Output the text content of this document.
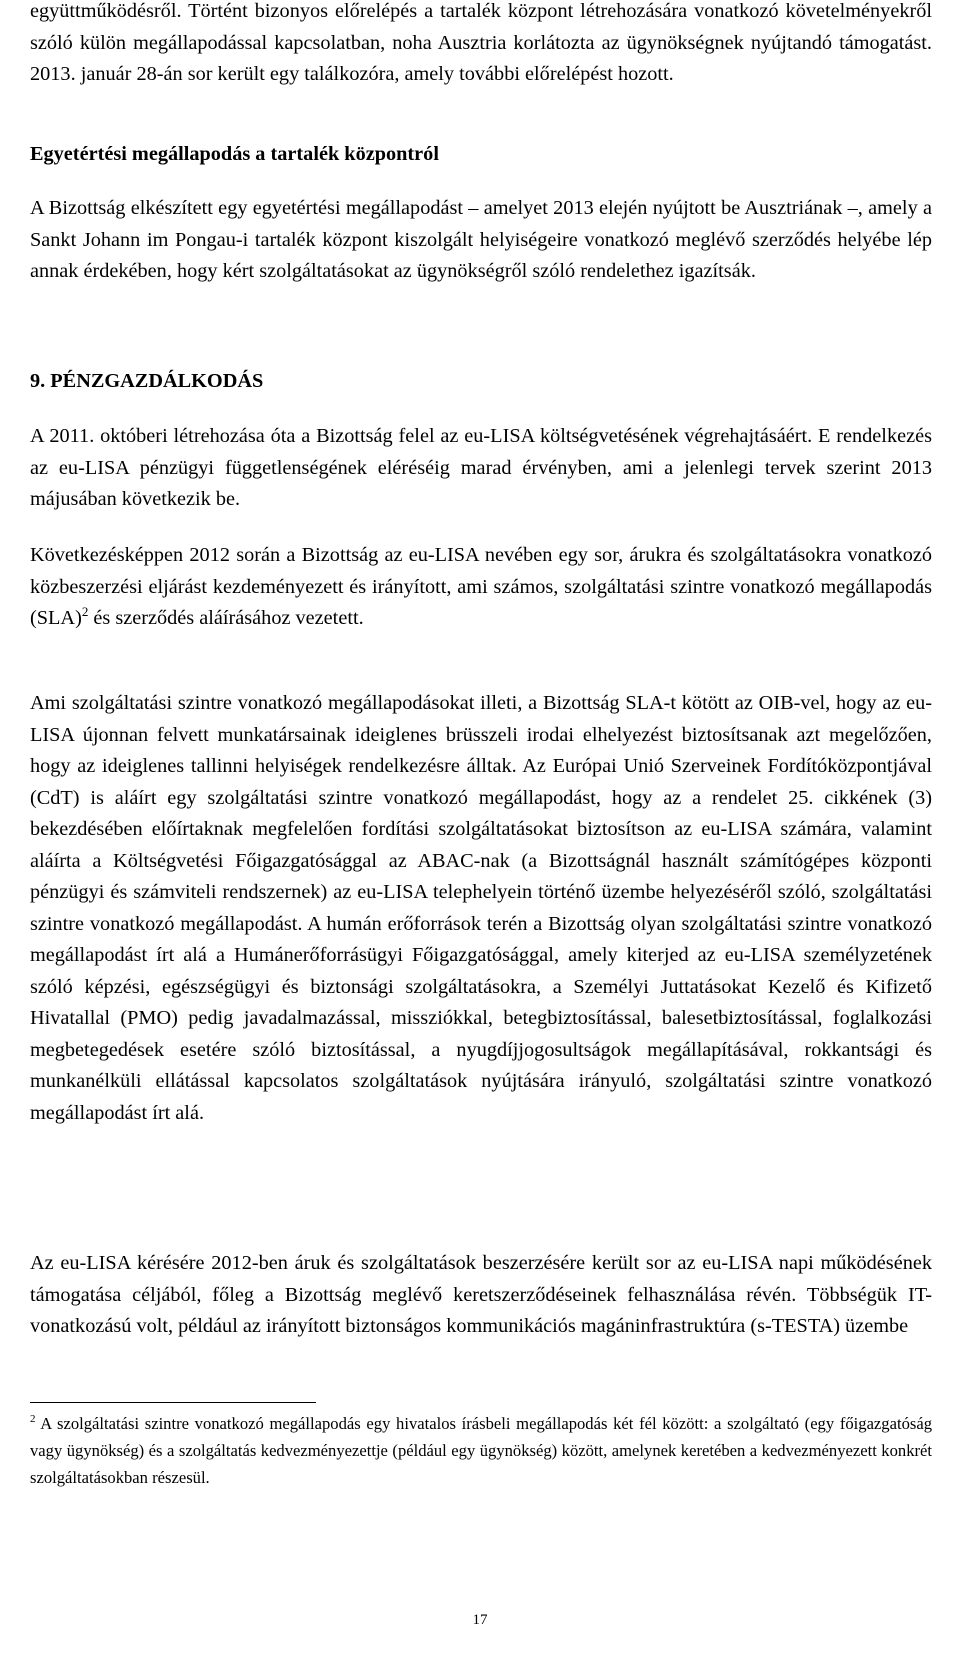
együttműködésről. Történt bizonyos előrelépés a tartalék központ létrehozására vonatkozó követelményekről szóló külön megállapodással kapcsolatban, noha Ausztria korlátozta az ügynökségnek nyújtandó támogatást. 2013. január 28-án sor került egy találkozóra, amely további előrelépést hozott.

Egyetértési megállapodás a tartalék központról

A Bizottság elkészített egy egyetértési megállapodást – amelyet 2013 elején nyújtott be Ausztriának –, amely a Sankt Johann im Pongau-i tartalék központ kiszolgált helyiségeire vonatkozó meglévő szerződés helyébe lép annak érdekében, hogy kért szolgáltatásokat az ügynökségről szóló rendelethez igazítsák.

9. PÉNZGAZDÁLKODÁS

A 2011. októberi létrehozása óta a Bizottság felel az eu-LISA költségvetésének végrehajtásáért. E rendelkezés az eu-LISA pénzügyi függetlenségének eléréséig marad érvényben, ami a jelenlegi tervek szerint 2013 májusában következik be.

Következésképpen 2012 során a Bizottság az eu-LISA nevében egy sor, árukra és szolgáltatásokra vonatkozó közbeszerzési eljárást kezdeményezett és irányított, ami számos, szolgáltatási szintre vonatkozó megállapodás (SLA)$^2$ és szerződés aláírásához vezetett.

Ami szolgáltatási szintre vonatkozó megállapodásokat illeti, a Bizottság SLA-t kötött az OIB-vel, hogy az eu-LISA újonnan felvett munkatársainak ideiglenes brüsszeli irodai elhelyezést biztosítsanak azt megelőzően, hogy az ideiglenes tallinni helyiségek rendelkezésre álltak. Az Európai Unió Szerveinek Fordítóközpontjával (CdT) is aláírt egy szolgáltatási szintre vonatkozó megállapodást, hogy az a rendelet 25. cikkének (3) bekezdésében előírtaknak megfelelően fordítási szolgáltatásokat biztosítson az eu-LISA számára, valamint aláírta a Költségvetési Főigazgatósággal az ABAC-nak (a Bizottságnál használt számítógépes központi pénzügyi és számviteli rendszernek) az eu-LISA telephelyein történő üzembe helyezéséről szóló, szolgáltatási szintre vonatkozó megállapodást. A humán erőforrások terén a Bizottság olyan szolgáltatási szintre vonatkozó megállapodást írt alá a Humánerőforrásügyi Főigazgatósággal, amely kiterjed az eu-LISA személyzetének szóló képzési, egészségügyi és biztonsági szolgáltatásokra, a Személyi Juttatásokat Kezelő és Kifizető Hivatallal (PMO) pedig javadalmazással, missziókkal, betegbiztosítással, balesetbiztosítással, foglalkozási megbetegedések esetére szóló biztosítással, a nyugdíjjogosultságok megállapításával, rokkantsági és munkanélküli ellátással kapcsolatos szolgáltatások nyújtására irányuló, szolgáltatási szintre vonatkozó megállapodást írt alá.

Az eu-LISA kérésére 2012-ben áruk és szolgáltatások beszerzésére került sor az eu-LISA napi működésének támogatása céljából, főleg a Bizottság meglévő keretszerződéseinek felhasználása révén. Többségük IT-vonatkozású volt, például az irányított biztonságos kommunikációs magáninfrastruktúra (s-TESTA) üzembe

$^2$ A szolgáltatási szintre vonatkozó megállapodás egy hivatalos írásbeli megállapodás két fél között: a szolgáltató (egy főigazgatóság vagy ügynökség) és a szolgáltatás kedvezményezettje (például egy ügynökség) között, amelynek keretében a kedvezményezett konkrét szolgáltatásokban részesül.

17
